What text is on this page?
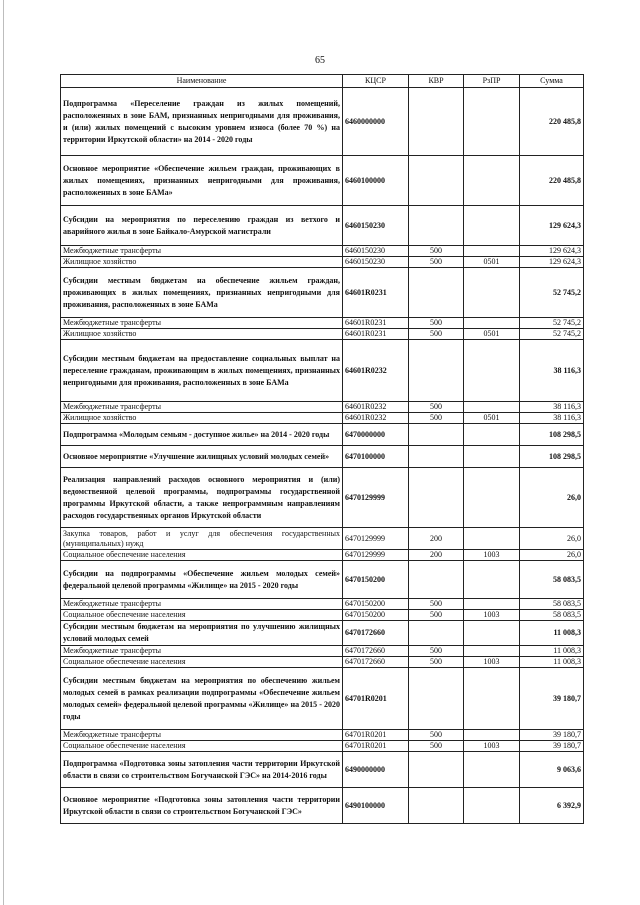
65
Наименование	КЦСР	КВР	РзПР	Сумма
Подпрограмма «Переселение граждан из жилых помещений, расположенных в зоне БАМ, признанных непригодными для проживания, и (или) жилых помещений с высоким уровнем износа (более 70 %) на территории Иркутской области» на 2014 - 2020 годы	6460000000			220 485,8
Основное мероприятие «Обеспечение жильем граждан, проживающих в жилых помещениях, признанных непригодными для проживания, расположенных в зоне БАМа»	6460100000			220 485,8
Субсидии на мероприятия по переселению граждан из ветхого и аварийного жилья в зоне Байкало-Амурской магистрали	6460150230			129 624,3
Межбюджетные трансферты	6460150230	500		129 624,3
Жилищное хозяйство	6460150230	500	0501	129 624,3
Субсидии местным бюджетам на обеспечение жильем граждан, проживающих в жилых помещениях, признанных непригодными для проживания, расположенных в зоне БАМа	64601R0231			52 745,2
Межбюджетные трансферты	64601R0231	500		52 745,2
Жилищное хозяйство	64601R0231	500	0501	52 745,2
Субсидии местным бюджетам на предоставление социальных выплат на переселение гражданам, проживающим в жилых помещениях, признанных непригодными для проживания, расположенных в зоне БАМа	64601R0232			38 116,3
Межбюджетные трансферты	64601R0232	500		38 116,3
Жилищное хозяйство	64601R0232	500	0501	38 116,3
Подпрограмма «Молодым семьям - доступное жилье» на 2014 - 2020 годы	6470000000			108 298,5
Основное мероприятие «Улучшение жилищных условий молодых семей»	6470100000			108 298,5
Реализация направлений расходов основного мероприятия и (или) ведомственной целевой программы, подпрограммы государственной программы Иркутской области, а также непрограммным направлениям расходов государственных органов Иркутской области	6470129999			26,0
Закупка товаров, работ и услуг для обеспечения государственных (муниципальных) нужд	6470129999	200		26,0
Социальное обеспечение населения	6470129999	200	1003	26,0
Субсидии на подпрограммы «Обеспечение жильем молодых семей» федеральной целевой программы «Жилище» на 2015 - 2020 годы	6470150200			58 083,5
Межбюджетные трансферты	6470150200	500		58 083,5
Социальное обеспечение населения	6470150200	500	1003	58 083,5
Субсидии местным бюджетам на мероприятия по улучшению жилищных условий молодых семей	6470172660			11 008,3
Межбюджетные трансферты	6470172660	500		11 008,3
Социальное обеспечение населения	6470172660	500	1003	11 008,3
Субсидии местным бюджетам на мероприятия по обеспечению жильем молодых семей в рамках реализации подпрограммы «Обеспечение жильем молодых семей» федеральной целевой программы «Жилище» на 2015 - 2020 годы	64701R0201			39 180,7
Межбюджетные трансферты	64701R0201	500		39 180,7
Социальное обеспечение населения	64701R0201	500	1003	39 180,7
Подпрограмма «Подготовка зоны затопления части территории Иркутской области в связи со строительством Богучанской ГЭС» на 2014-2016 годы	6490000000			9 063,6
Основное мероприятие «Подготовка зоны затопления части территории Иркутской области в связи со строительством Богучанской ГЭС»	6490100000			6 392,9
